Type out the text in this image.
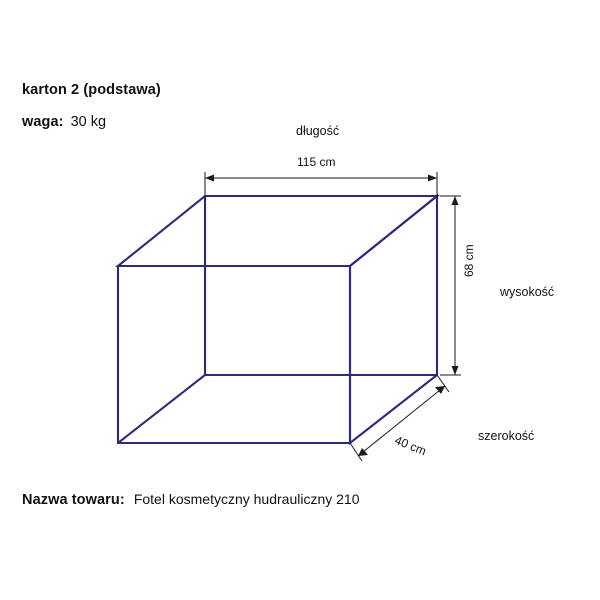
karton 2 (podstawa)
waga: 30 kg
długość
wysokość
szerokość
115 cm
68 cm
40 cm
Nazwa towaru: Fotel kosmetyczny hudrauliczny 210
